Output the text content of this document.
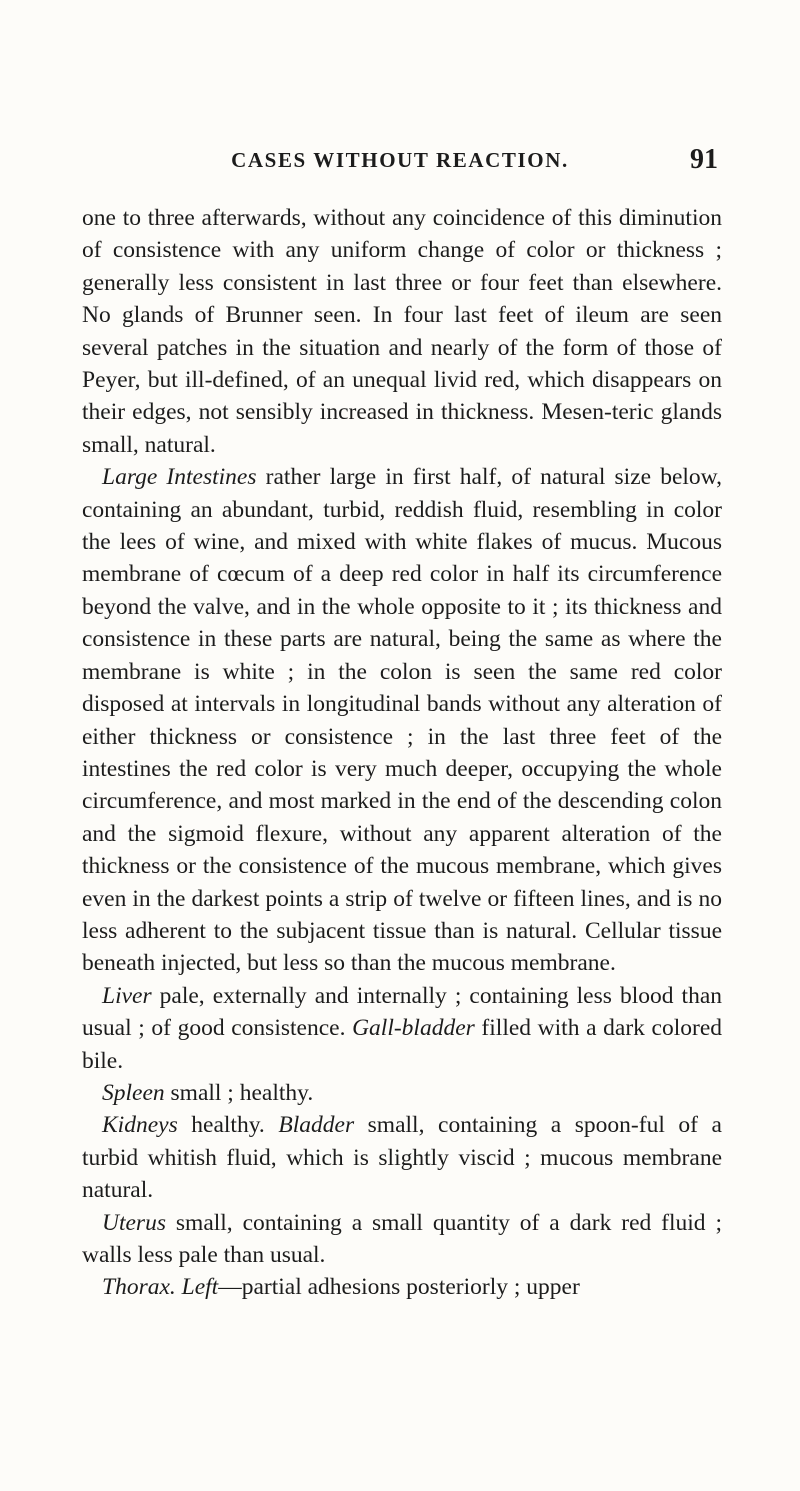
CASES WITHOUT REACTION.	91

one to three afterwards, without any coincidence of this diminution of consistence with any uniform change of color or thickness ; generally less consistent in last three or four feet than elsewhere. No glands of Brunner seen. In four last feet of ileum are seen several patches in the situation and nearly of the form of those of Peyer, but ill-defined, of an unequal livid red, which disappears on their edges, not sensibly increased in thickness. Mesen-teric glands small, natural.

Large Intestines rather large in first half, of natural size below, containing an abundant, turbid, reddish fluid, resembling in color the lees of wine, and mixed with white flakes of mucus. Mucous membrane of cœcum of a deep red color in half its circumference beyond the valve, and in the whole opposite to it ; its thickness and consistence in these parts are natural, being the same as where the membrane is white ; in the colon is seen the same red color disposed at intervals in longitudinal bands without any alteration of either thickness or consistence ; in the last three feet of the intestines the red color is very much deeper, occupying the whole circumference, and most marked in the end of the descending colon and the sigmoid flexure, without any apparent alteration of the thickness or the consistence of the mucous membrane, which gives even in the darkest points a strip of twelve or fifteen lines, and is no less adherent to the subjacent tissue than is natural. Cellular tissue beneath injected, but less so than the mucous membrane.

Liver pale, externally and internally ; containing less blood than usual ; of good consistence. Gall-bladder filled with a dark colored bile.

Spleen small ; healthy.

Kidneys healthy. Bladder small, containing a spoon-ful of a turbid whitish fluid, which is slightly viscid ; mucous membrane natural.

Uterus small, containing a small quantity of a dark red fluid ; walls less pale than usual.

Thorax. Left—partial adhesions posteriorly ; upper
